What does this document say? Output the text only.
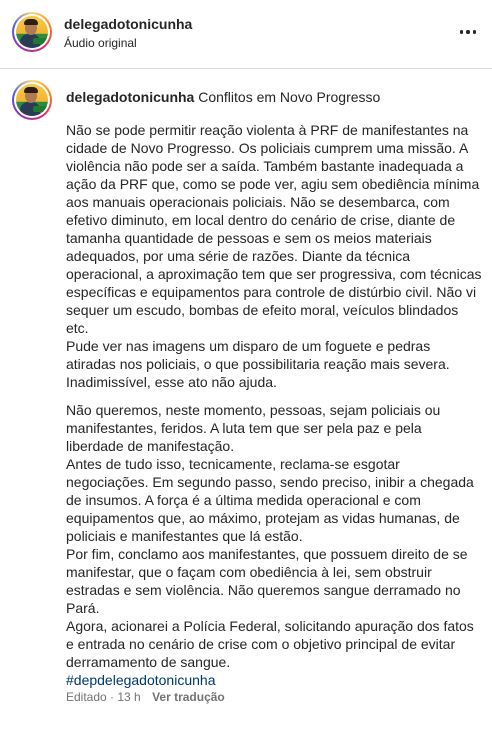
delegadotonicunha
Áudio original
delegadotonicunha Conflitos em Novo Progresso

Não se pode permitir reação violenta à PRF de manifestantes na cidade de Novo Progresso. Os policiais cumprem uma missão. A violência não pode ser a saída. Também bastante inadequada a ação da PRF que, como se pode ver, agiu sem obediência mínima aos manuais operacionais policiais. Não se desembarca, com efetivo diminuto, em local dentro do cenário de crise, diante de tamanha quantidade de pessoas e sem os meios materiais adequados, por uma série de razões. Diante da técnica operacional, a aproximação tem que ser progressiva, com técnicas específicas e equipamentos para controle de distúrbio civil. Não vi sequer um escudo, bombas de efeito moral, veículos blindados etc.

Pude ver nas imagens um disparo de um foguete e pedras atiradas nos policiais, o que possibilitaria reação mais severa. Inadimissível, esse ato não ajuda.

Não queremos, neste momento, pessoas, sejam policiais ou manifestantes, feridos. A luta tem que ser pela paz e pela liberdade de manifestação.

Antes de tudo isso, tecnicamente, reclama-se esgotar negociações. Em segundo passo, sendo preciso, inibir a chegada de insumos. A força é a última medida operacional e com equipamentos que, ao máximo, protejam as vidas humanas, de policiais e manifestantes que lá estão.

Por fim, conclamo aos manifestantes, que possuem direito de se manifestar, que o façam com obediência à lei, sem obstruir estradas e sem violência. Não queremos sangue derramado no Pará.

Agora, acionarei a Polícia Federal, solicitando apuração dos fatos e entrada no cenário de crise com o objetivo principal de evitar derramamento de sangue.

#depdelegadotonicunha

Editado · 13 h Ver tradução
